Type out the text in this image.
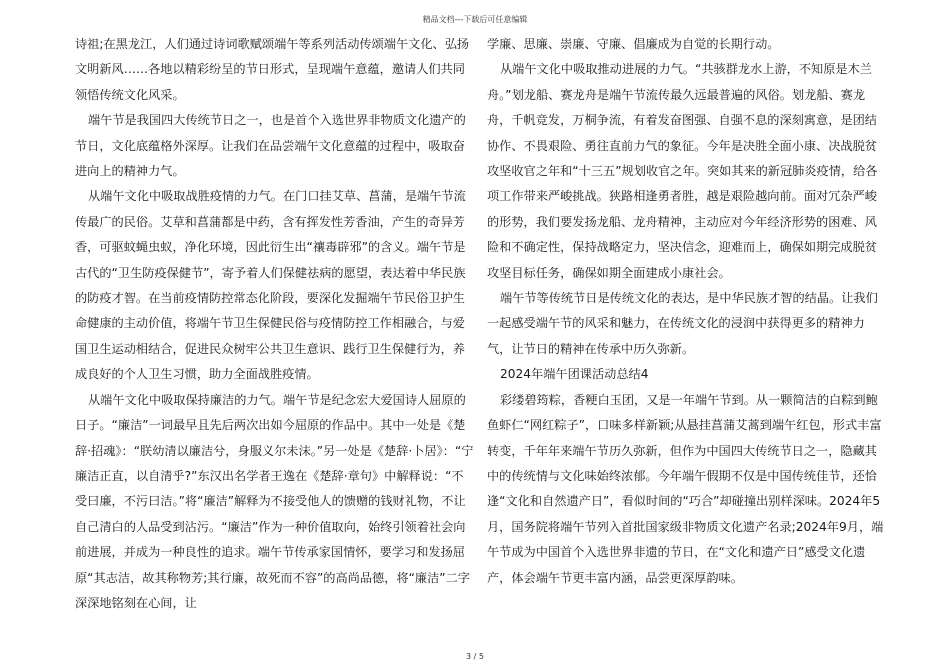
精品文档---下载后可任意编辑

诗祖;在黑龙江，人们通过诗词歌赋颂端午等系列活动传颂端午文化、弘扬文明新风……各地以精彩纷呈的节日形式，呈现端午意蕴，邀请人们共同领悟传统文化风采。

端午节是我国四大传统节日之一，也是首个入选世界非物质文化遗产的节日，文化底蕴格外深厚。让我们在品尝端午文化意蕴的过程中，吸取奋进向上的精神力气。

从端午文化中吸取战胜疫情的力气。在门口挂艾草、菖蒲，是端午节流传最广的民俗。艾草和菖蒲都是中药，含有挥发性芳香油，产生的奇异芳香，可驱蚊蝇虫蚁，净化环境，因此衍生出“禳毒辟邪”的含义。端午节是古代的“卫生防疫保健节”，寄予着人们保健祛病的愿望，表达着中华民族的防疫才智。在当前疫情防控常态化阶段，要深化发掘端午节民俗卫护生命健康的主动价值，将端午节卫生保健民俗与疫情防控工作相融合，与爱国卫生运动相结合，促进民众树牢公共卫生意识、践行卫生保健行为，养成良好的个人卫生习惯，助力全面战胜疫情。

从端午文化中吸取保持廉洁的力气。端午节是纪念宏大爱国诗人屈原的日子。“廉洁”一词最早且先后两次出如今屈原的作品中。其中一处是《楚辞·招魂》：“朕幼清以廉洁兮，身服义尔未沫。”另一处是《楚辞·卜居》：“宁廉洁正直，以自清乎?”东汉出名学者王逸在《楚辞·章句》中解释说：“不受曰廉，不污曰洁。”将“廉洁”解释为不接受他人的馈赠的钱财礼物，不让自己清白的人品受到沾污。“廉洁”作为一种价值取向，始终引领着社会向前进展，并成为一种良性的追求。端午节传承家国情怀，要学习和发扬屈原“其志洁，故其称物芳;其行廉，故死而不容”的高尚品德，将“廉洁”二字深深地铭刻在心间，让

学廉、思廉、崇廉、守廉、倡廉成为自觉的长期行动。

从端午文化中吸取推动进展的力气。“共骇群龙水上游，不知原是木兰舟。”划龙船、赛龙舟是端午节流传最久远最普遍的风俗。划龙船、赛龙舟，千帆竞发，万桐争流，有着发奋图强、自强不息的深刻寓意，是团结协作、不畏艰险、勇往直前力气的象征。今年是决胜全面小康、决战脱贫攻坚收官之年和“十三五”规划收官之年。突如其来的新冠肺炎疫情，给各项工作带来严峻挑战。狭路相逢勇者胜，越是艰险越向前。面对冗杂严峻的形势，我们要发扬龙船、龙舟精神，主动应对今年经济形势的困难、风险和不确定性，保持战略定力，坚决信念，迎难而上，确保如期完成脱贫攻坚目标任务，确保如期全面建成小康社会。

端午节等传统节日是传统文化的表达，是中华民族才智的结晶。让我们一起感受端午节的风采和魅力，在传统文化的浸润中获得更多的精神力气，让节日的精神在传承中历久弥新。

2024年端午团课活动总结4

彩缕碧筠粽，香粳白玉团，又是一年端午节到。从一颗简洁的白粽到鲍鱼虾仁“网红粽子”，口味多样新颖;从悬挂菖蒲艾蒿到端午红包，形式丰富转变，千年年来端午节历久弥新，但作为中国四大传统节日之一，隐藏其中的传统情与文化味始终浓郁。今年端午假期不仅是中国传统佳节，还恰逢“文化和自然遗产日”，看似时间的“巧合”却碰撞出别样深味。2024年5月，国务院将端午节列入首批国家级非物质文化遗产名录;2024年9月，端午节成为中国首个入选世界非遗的节日，在“文化和遗产日”感受文化遗产，体会端午节更丰富内涵，品尝更深厚韵味。

3 / 5
